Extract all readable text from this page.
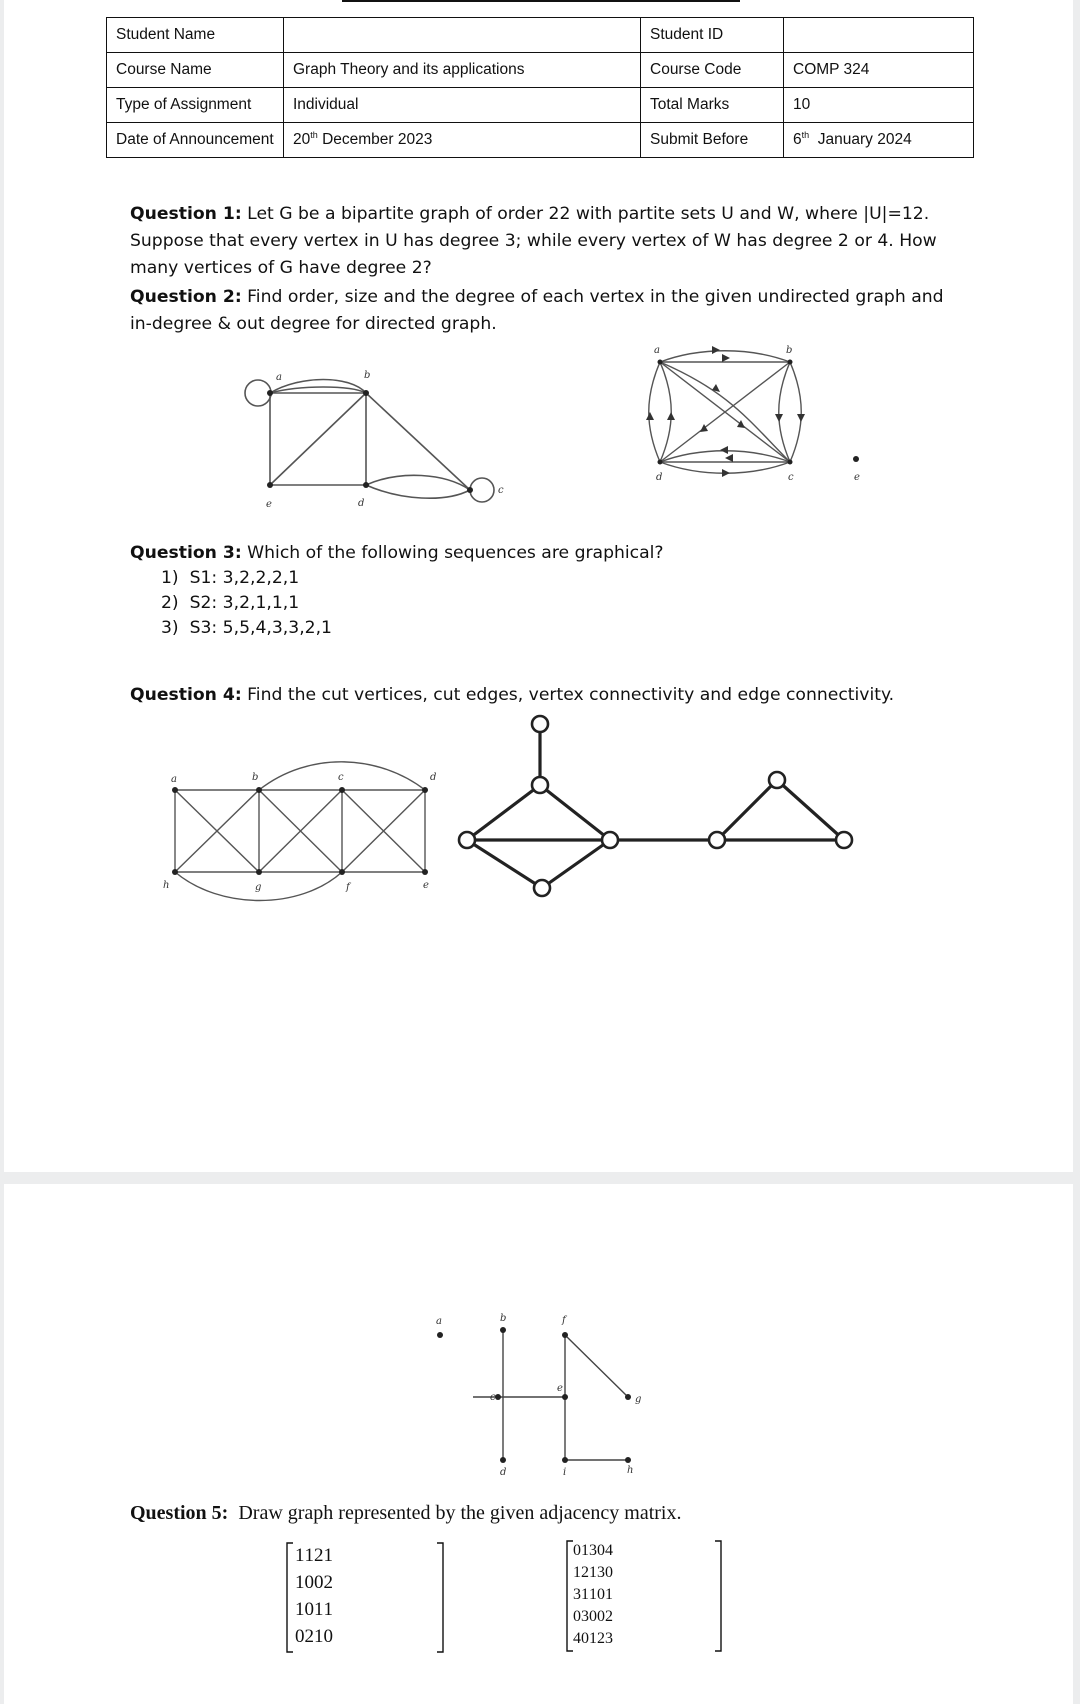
Student Name		Student ID	
Course Name	Graph Theory and its applications	Course Code	COMP 324
Type of Assignment	Individual	Total Marks	10
Date of Announcement	20th December 2023	Submit Before	6th  January 2024
Question 1: Let G be a bipartite graph of order 22 with partite sets U and W, where |U|=12. Suppose that every vertex in U has degree 3; while every vertex of W has degree 2 or 4. How many vertices of G have degree 2?
Question 2: Find order, size and the degree of each vertex in the given undirected graph and in-degree & out degree for directed graph.
a	b
c
d
e
a	b
c
d	e
Question 3: Which of the following sequences are graphical?
1)  S1: 3,2,2,2,1
2)  S2: 3,2,1,1,1
3)  S3: 5,5,4,3,3,2,1
Question 4: Find the cut vertices, cut edges, vertex connectivity and edge connectivity.
a	b	c	d
e
f
g
h
a	b
c
d
e
f
g
h
i
Question 5:  Draw graph represented by the given adjacency matrix.
1	1	2	1
1	0	0	2
1	0	1	1
0	2	1	0
0	1	3	0	4
1	2	1	3	0
3	1	1	0	1
0	3	0	0	2
4	0	1	2	3
